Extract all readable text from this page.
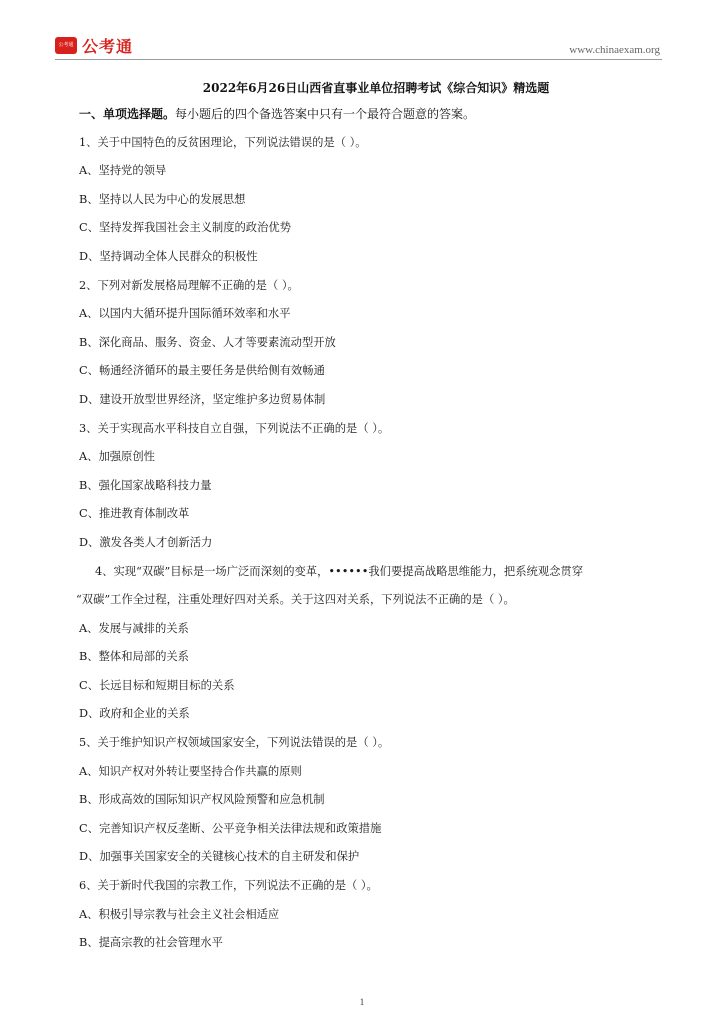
公考通 公考通	www.chinaexam.org

2022年6月26日山西省直事业单位招聘考试《综合知识》精选题

一、单项选择题。每小题后的四个备选答案中只有一个最符合题意的答案。

1、关于中国特色的反贫困理论，下列说法错误的是（ ）。

A、坚持党的领导

B、坚持以人民为中心的发展思想

C、坚持发挥我国社会主义制度的政治优势

D、坚持调动全体人民群众的积极性

2、下列对新发展格局理解不正确的是（ ）。

A、以国内大循环提升国际循环效率和水平

B、深化商品、服务、资金、人才等要素流动型开放

C、畅通经济循环的最主要任务是供给侧有效畅通

D、建设开放型世界经济，坚定维护多边贸易体制

3、关于实现高水平科技自立自强，下列说法不正确的是（ ）。

A、加强原创性

B、强化国家战略科技力量

C、推进教育体制改革

D、激发各类人才创新活力

4、实现“双碳”目标是一场广泛而深刻的变革，••••••我们要提高战略思维能力，把系统观念贯穿

“双碳”工作全过程，注重处理好四对关系。关于这四对关系，下列说法不正确的是（ ）。

A、发展与减排的关系

B、整体和局部的关系

C、长远目标和短期目标的关系

D、政府和企业的关系

5、关于维护知识产权领域国家安全，下列说法错误的是（ ）。

A、知识产权对外转让要坚持合作共赢的原则

B、形成高效的国际知识产权风险预警和应急机制

C、完善知识产权反垄断、公平竞争相关法律法规和政策措施

D、加强事关国家安全的关键核心技术的自主研发和保护

6、关于新时代我国的宗教工作，下列说法不正确的是（ ）。

A、积极引导宗教与社会主义社会相适应

B、提高宗教的社会管理水平

1
